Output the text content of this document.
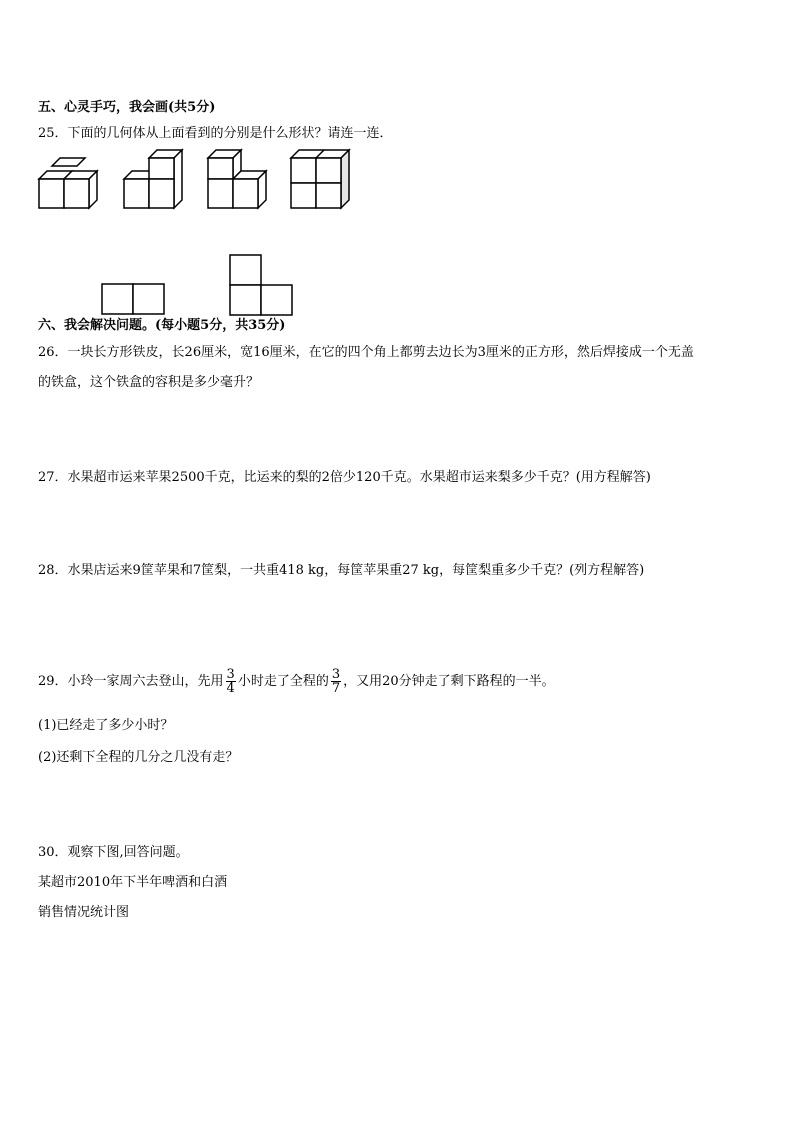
五、心灵手巧，我会画(共5分)
25．下面的几何体从上面看到的分别是什么形状？请连一连．
六、我会解决问题。(每小题5分，共35分)
26．一块长方形铁皮，长26厘米，宽16厘米，在它的四个角上都剪去边长为3厘米的正方形，然后焊接成一个无盖
的铁盒，这个铁盒的容积是多少毫升？
27．水果超市运来苹果2500千克，比运来的梨的2倍少120千克。水果超市运来梨多少千克？(用方程解答)
28．水果店运来9筐苹果和7筐梨，一共重418 kg，每筐苹果重27 kg，每筐梨重多少千克？(列方程解答)
29．小玲一家周六去登山，先用 $\frac{3}{4}$ 小时走了全程的 $\frac{3}{7}$ ，又用20分钟走了剩下路程的一半。
(1)已经走了多少小时？
(2)还剩下全程的几分之几没有走？
30．观察下图,回答问题。
某超市2010年下半年啤酒和白酒
销售情况统计图
